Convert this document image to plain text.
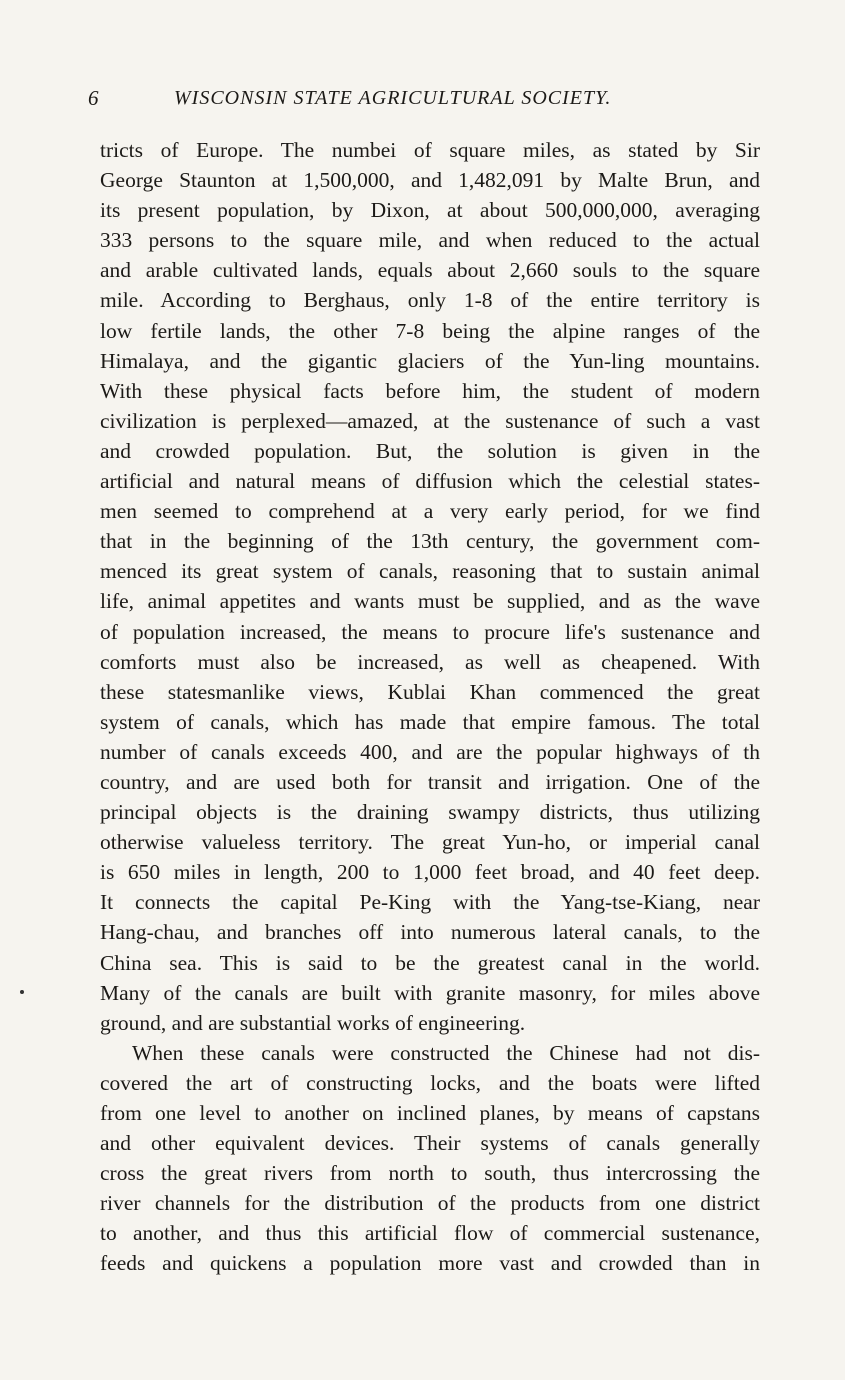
6	WISCONSIN STATE AGRICULTURAL SOCIETY.
tricts of Europe. The numbei of square miles, as stated by Sir
George Staunton at 1,500,000, and 1,482,091 by Malte Brun, and
its present population, by Dixon, at about 500,000,000, averaging
333 persons to the square mile, and when reduced to the actual
and arable cultivated lands, equals about 2,660 souls to the square
mile. According to Berghaus, only 1-8 of the entire territory is
low fertile lands, the other 7-8 being the alpine ranges of the
Himalaya, and the gigantic glaciers of the Yun-ling mountains.
With these physical facts before him, the student of modern
civilization is perplexed—amazed, at the sustenance of such a vast
and crowded population. But, the solution is given in the
artificial and natural means of diffusion which the celestial states-
men seemed to comprehend at a very early period, for we find
that in the beginning of the 13th century, the government com-
menced its great system of canals, reasoning that to sustain animal
life, animal appetites and wants must be supplied, and as the wave
of population increased, the means to procure life's sustenance and
comforts must also be increased, as well as cheapened. With
these statesmanlike views, Kublai Khan commenced the great
system of canals, which has made that empire famous. The total
number of canals exceeds 400, and are the popular highways of th
country, and are used both for transit and irrigation. One of the
principal objects is the draining swampy districts, thus utilizing
otherwise valueless territory. The great Yun-ho, or imperial canal
is 650 miles in length, 200 to 1,000 feet broad, and 40 feet deep.
It connects the capital Pe-King with the Yang-tse-Kiang, near
Hang-chau, and branches off into numerous lateral canals, to the
China sea. This is said to be the greatest canal in the world.
Many of the canals are built with granite masonry, for miles above
ground, and are substantial works of engineering.
When these canals were constructed the Chinese had not dis-
covered the art of constructing locks, and the boats were lifted
from one level to another on inclined planes, by means of capstans
and other equivalent devices. Their systems of canals generally
cross the great rivers from north to south, thus intercrossing the
river channels for the distribution of the products from one district
to another, and thus this artificial flow of commercial sustenance,
feeds and quickens a population more vast and crowded than in
